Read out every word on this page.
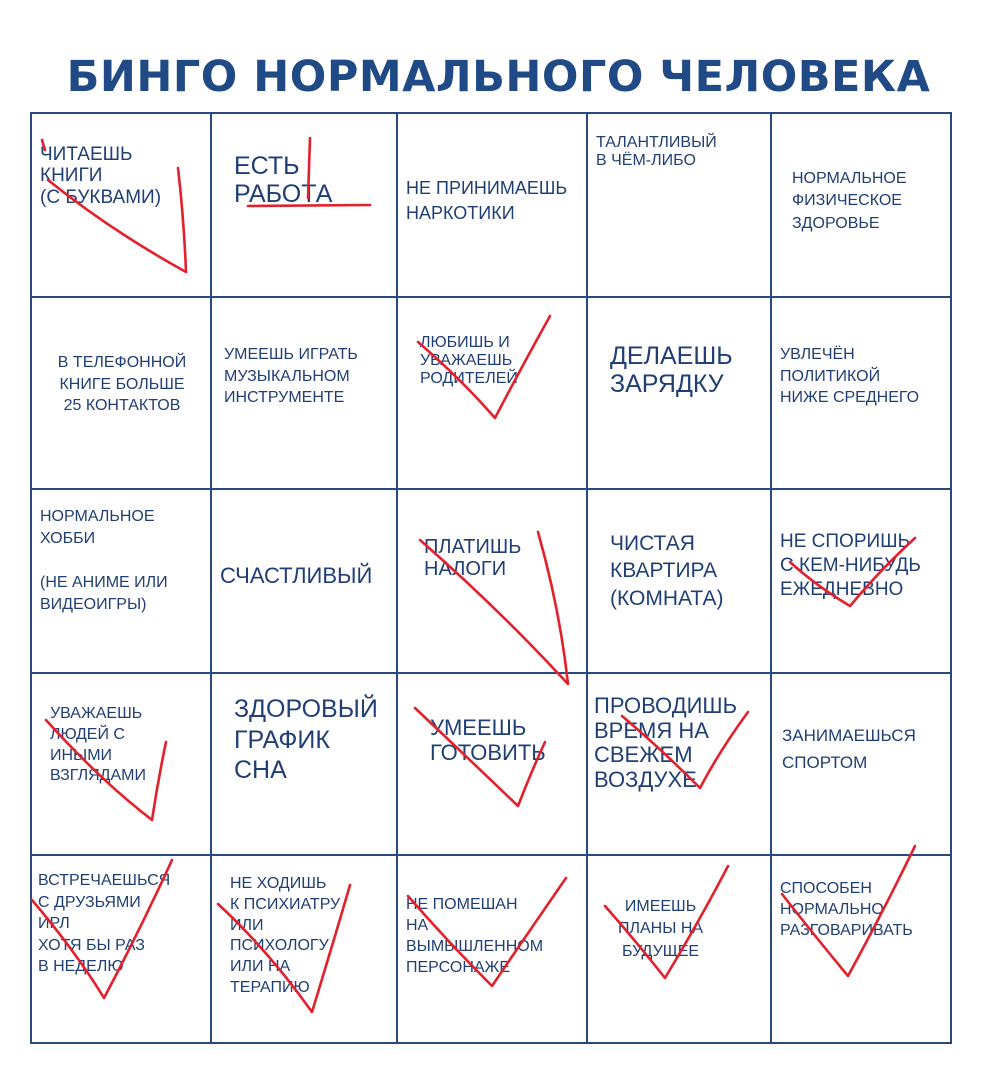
БИНГО НОРМАЛЬНОГО ЧЕЛОВЕКА
ЧИТАЕШЬ
КНИГИ
(С БУКВАМИ)
ЕСТЬ
РАБОТА	НЕ ПРИНИМАЕШЬ
НАРКОТИКИ
ТАЛАНТЛИВЫЙ
В ЧЁМ-ЛИБО
НОРМАЛЬНОЕ
ФИЗИЧЕСКОЕ
ЗДОРОВЬЕ
В ТЕЛЕФОННОЙ
КНИГЕ БОЛЬШЕ
25 КОНТАКТОВ
УМЕЕШЬ ИГРАТЬ
МУЗЫКАЛЬНОМ
ИНСТРУМЕНТЕ
ЛЮБИШЬ И
УВАЖАЕШЬ
РОДИТЕЛЕЙ
ДЕЛАЕШЬ
ЗАРЯДКУ
УВЛЕЧЁН
ПОЛИТИКОЙ
НИЖЕ СРЕДНЕГО
НОРМАЛЬНОЕ
ХОББИ

(НЕ АНИМЕ ИЛИ
ВИДЕОИГРЫ)
СЧАСТЛИВЫЙ
ПЛАТИШЬ
НАЛОГИ
ЧИСТАЯ
КВАРТИРА
(КОМНАТА)
НЕ СПОРИШЬ
С КЕМ-НИБУДЬ
ЕЖЕДНЕВНО
УВАЖАЕШЬ
ЛЮДЕЙ С
ИНЫМИ
ВЗГЛЯДАМИ
ЗДОРОВЫЙ
ГРАФИК
СНА
УМЕЕШЬ
ГОТОВИТЬ
ПРОВОДИШЬ
ВРЕМЯ НА
СВЕЖЕМ
ВОЗДУХЕ
ЗАНИМАЕШЬСЯ
СПОРТОМ
ВСТРЕЧАЕШЬСЯ
С ДРУЗЬЯМИ
ИРЛ
ХОТЯ БЫ РАЗ
В НЕДЕЛЮ
НЕ ХОДИШЬ
К ПСИХИАТРУ
ИЛИ
ПСИХОЛОГУ
ИЛИ НА
ТЕРАПИЮ
НЕ ПОМЕШАН
НА
ВЫМЫШЛЕННОМ
ПЕРСОНАЖЕ
ИМЕЕШЬ
ПЛАНЫ НА
БУДУЩЕЕ
СПОСОБЕН
НОРМАЛЬНО
РАЗГОВАРИВАТЬ
